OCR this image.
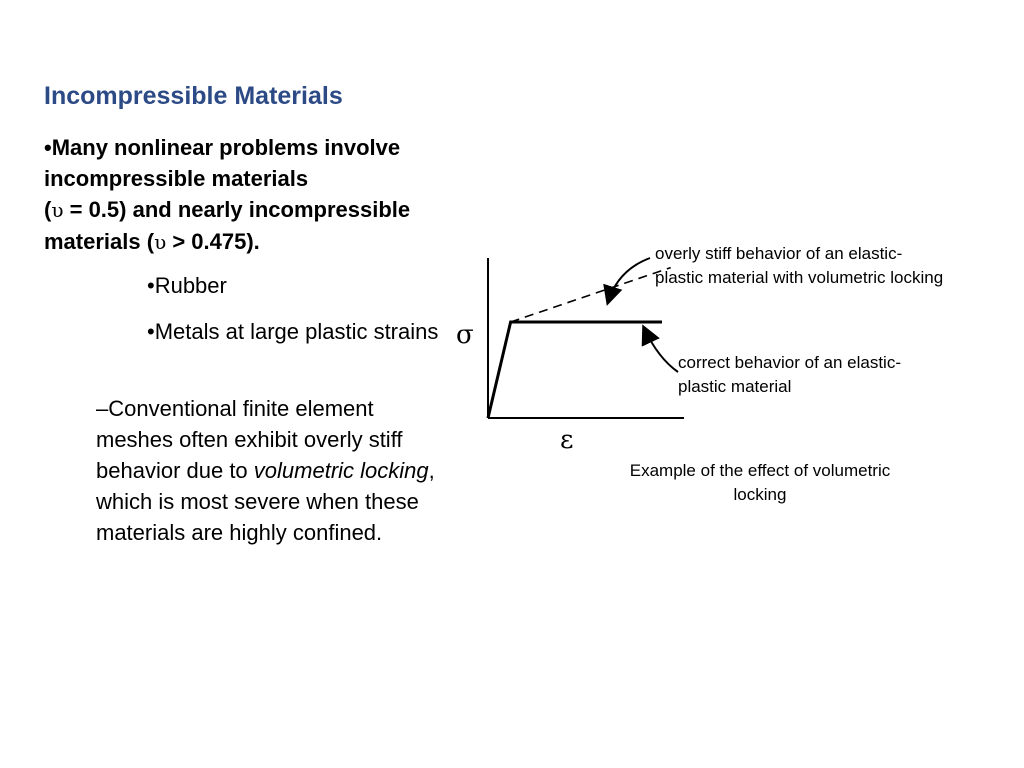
Incompressible Materials
•Many nonlinear problems involve incompressible materials
(υ = 0.5) and nearly incompressible materials (υ > 0.475).
•Rubber
•Metals at large plastic strains
–Conventional finite element meshes often exhibit overly stiff behavior due to volumetric locking, which is most severe when these materials are highly confined.
σ
ε
overly stiff behavior of an elastic-
plastic material with volumetric locking
correct behavior of an elastic-
plastic material
Example of the effect of volumetric
locking
